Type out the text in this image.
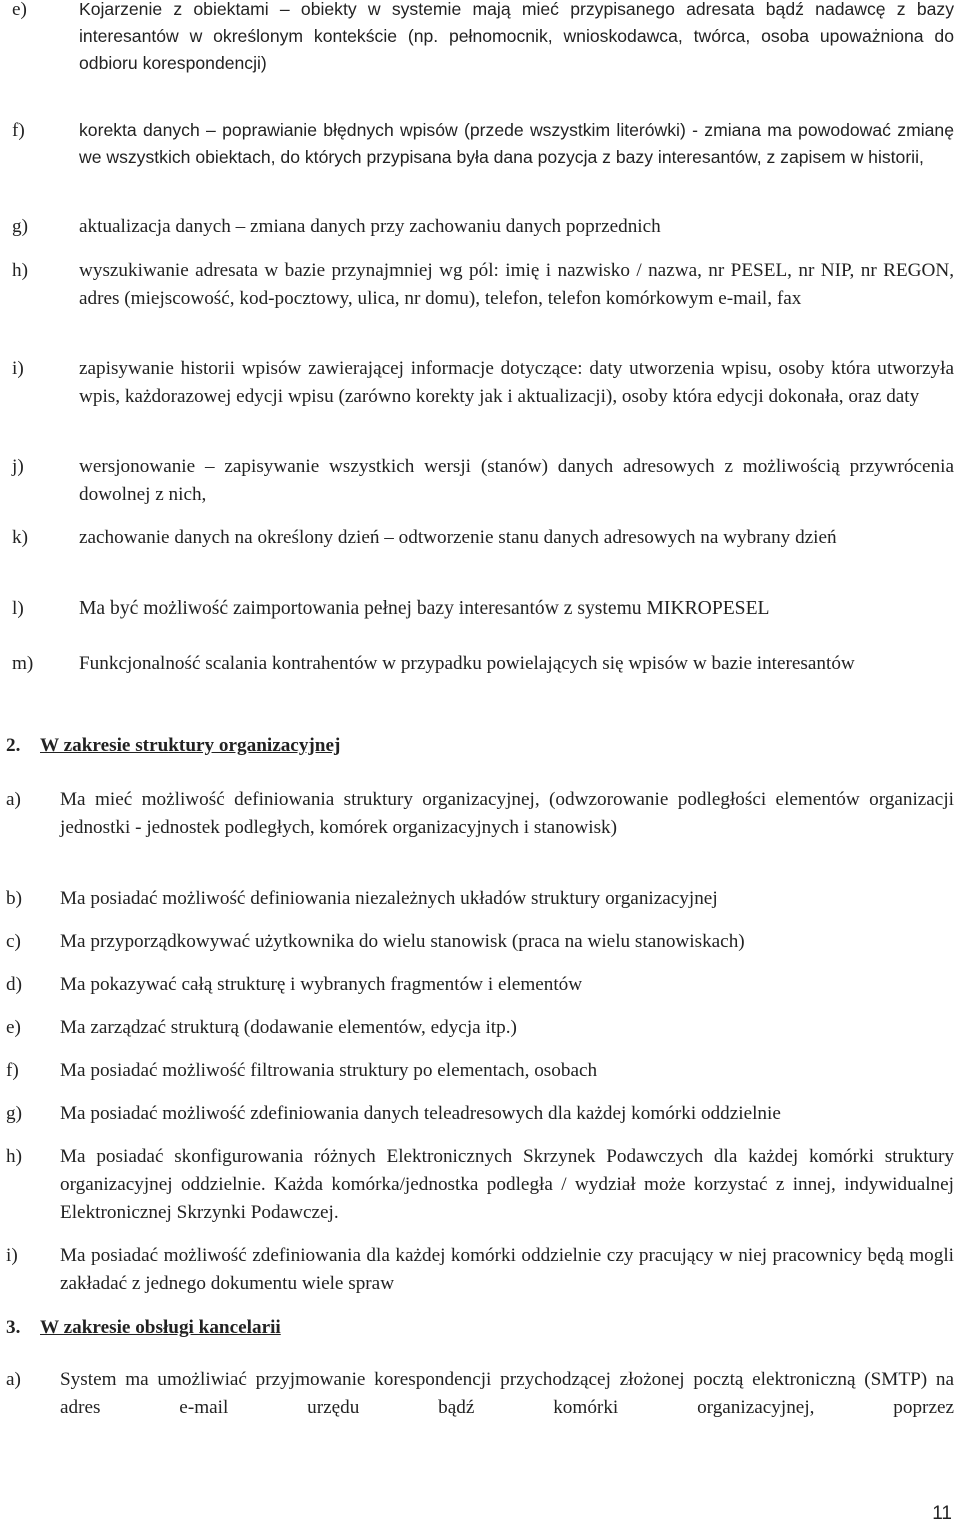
e)	Kojarzenie z obiektami – obiekty w systemie mają mieć przypisanego adresata bądź nadawcę z bazy interesantów w określonym kontekście (np. pełnomocnik, wnioskodawca, twórca, osoba upoważniona do odbioru korespondencji)
f)	korekta danych – poprawianie błędnych wpisów (przede wszystkim literówki) - zmiana ma powodować zmianę we wszystkich obiektach, do których przypisana była dana pozycja z bazy interesantów, z zapisem w historii,
g)	aktualizacja danych – zmiana danych przy zachowaniu danych poprzednich
h)	wyszukiwanie adresata w bazie przynajmniej wg pól: imię i nazwisko / nazwa, nr PESEL, nr NIP, nr REGON, adres (miejscowość, kod-pocztowy, ulica, nr domu), telefon, telefon komórkowym e-mail, fax
i)	zapisywanie historii wpisów zawierającej informacje dotyczące: daty utworzenia wpisu, osoby która utworzyła wpis, każdorazowej edycji wpisu (zarówno korekty jak i aktualizacji), osoby która edycji dokonała, oraz daty
j)	wersjonowanie – zapisywanie wszystkich wersji (stanów) danych adresowych z możliwością przywrócenia dowolnej z nich,
k)	zachowanie danych na określony dzień – odtworzenie stanu danych adresowych na wybrany dzień
l)	Ma być możliwość zaimportowania pełnej bazy interesantów z systemu MIKROPESEL
m) Funkcjonalność scalania kontrahentów w przypadku powielających się wpisów w bazie interesantów
2. W zakresie struktury organizacyjnej
a) Ma mieć możliwość definiowania struktury organizacyjnej, (odwzorowanie podległości elementów organizacji jednostki - jednostek podległych, komórek organizacyjnych i stanowisk)
b) Ma posiadać możliwość definiowania niezależnych układów struktury organizacyjnej
c) Ma przyporządkowywać użytkownika do wielu stanowisk (praca na wielu stanowiskach)
d) Ma pokazywać całą strukturę i wybranych fragmentów i elementów
e) Ma zarządzać strukturą (dodawanie elementów, edycja itp.)
f) Ma posiadać możliwość filtrowania struktury po elementach, osobach
g) Ma posiadać możliwość zdefiniowania danych teleadresowych dla każdej komórki oddzielnie
h) Ma posiadać skonfigurowania różnych Elektronicznych Skrzynek Podawczych dla każdej komórki struktury organizacyjnej oddzielnie. Każda komórka/jednostka podległa / wydział może korzystać z innej, indywidualnej Elektronicznej Skrzynki Podawczej.
i) Ma posiadać możliwość zdefiniowania dla każdej komórki oddzielnie czy pracujący w niej pracownicy będą mogli zakładać z jednego dokumentu wiele spraw
3. W zakresie obsługi kancelarii
a) System ma umożliwiać przyjmowanie korespondencji przychodzącej złożonej pocztą elektroniczną (SMTP) na adres e-mail urzędu bądź komórki organizacyjnej, poprzez
11
